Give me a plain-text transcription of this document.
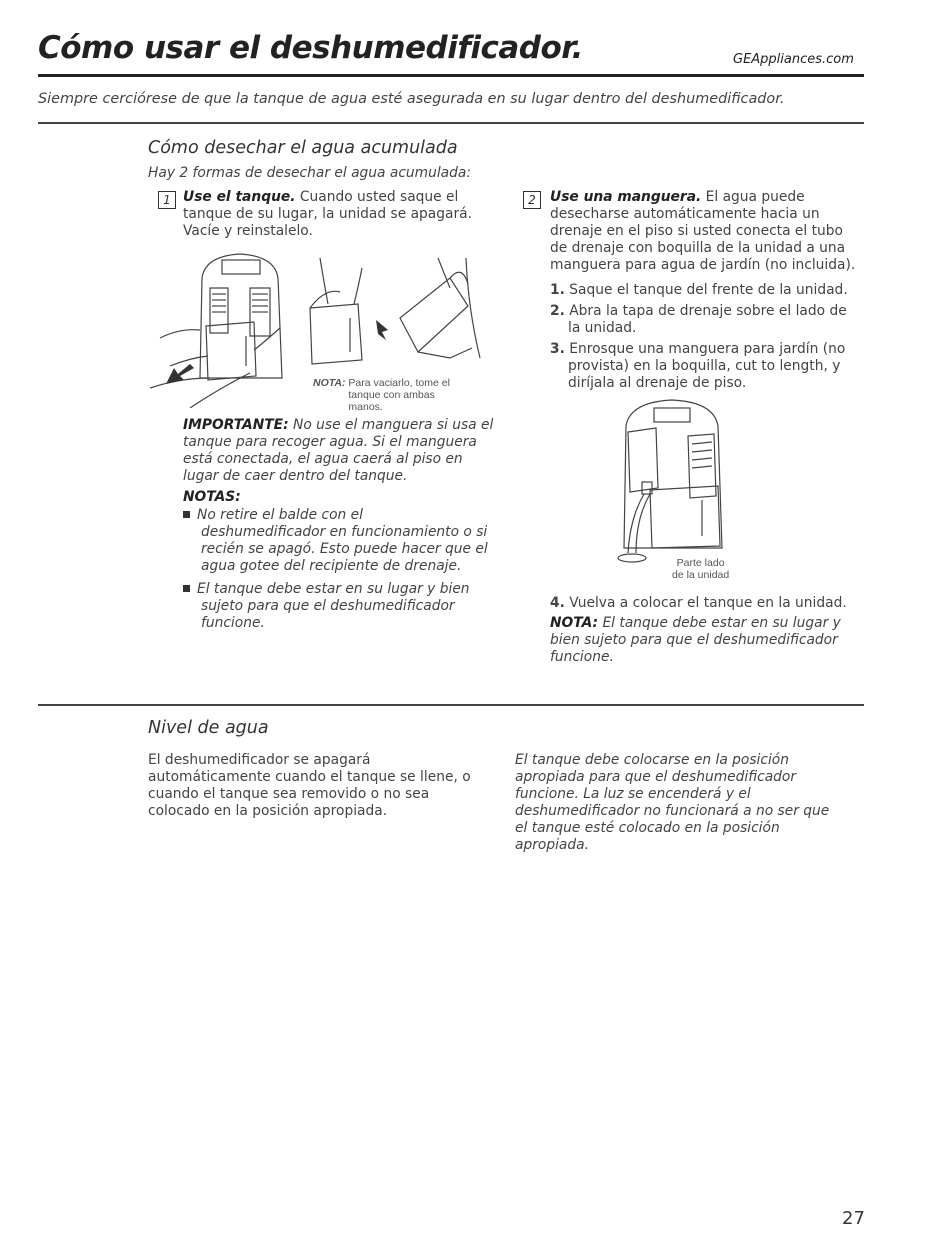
Cómo usar el deshumedificador.	GEAppliances.com
Siempre cerciórese de que la tanque de agua esté asegurada en su lugar dentro del deshumedificador.
Cómo desechar el agua acumulada
Hay 2 formas de desechar el agua acumulada:
1 Use el tanque. Cuando usted saque el tanque de su lugar, la unidad se apagará. Vacíe y reinstalelo.

NOTA: Para vaciarlo, tome el tanque con ambas manos.

IMPORTANTE: No use el manguera si usa el tanque para recoger agua. Si el manguera está conectada, el agua caerá al piso en lugar de caer dentro del tanque.

NOTAS:

No retire el balde con el deshumedificador en funcionamiento o si recién se apagó. Esto puede hacer que el agua gotee del recipiente de drenaje.

El tanque debe estar en su lugar y bien sujeto para que el deshumedificador funcione.

2	Use una manguera. El agua puede desecharse automáticamente hacia un drenaje en el piso si usted conecta el tubo de drenaje con boquilla de la unidad a una manguera para agua de jardín (no incluida).

1. Saque el tanque del frente de la unidad.
2. Abra la tapa de drenaje sobre el lado de la unidad.
3. Enrosque una manguera para jardín (no provista) en la boquilla, cut to length, y diríjala al drenaje de piso.
Parte lado
de la unidad

4. Vuelva a colocar el tanque en la unidad.

NOTA: El tanque debe estar en su lugar y bien sujeto para que el deshumedificador funcione.

Nivel de agua

El deshumedificador se apagará automáticamente cuando el tanque se llene, o cuando el tanque sea removido o no sea colocado en la posición apropiada.

El tanque debe colocarse en la posición apropiada para que el deshumedificador funcione. La luz se encenderá y el deshumedificador no funcionará a no ser que el tanque esté colocado en la posición apropiada.

27
